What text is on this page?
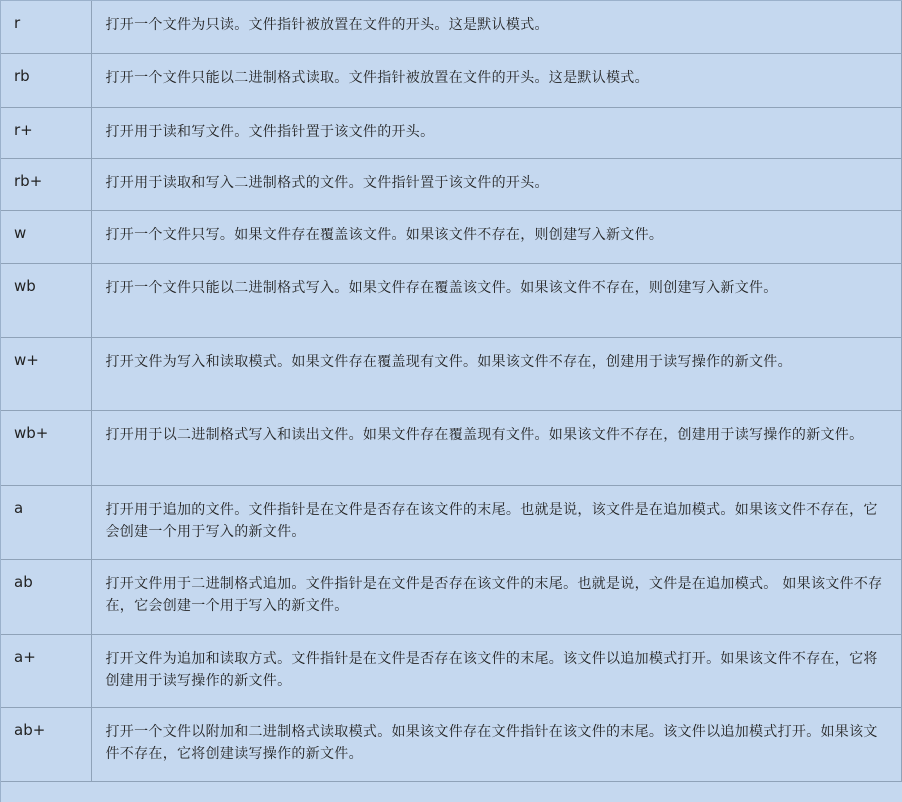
r	打开一个文件为只读。文件指针被放置在文件的开头。这是默认模式。
rb	打开一个文件只能以二进制格式读取。文件指针被放置在文件的开头。这是默认模式。
r+	打开用于读和写文件。文件指针置于该文件的开头。
rb+	打开用于读取和写入二进制格式的文件。文件指针置于该文件的开头。
w	打开一个文件只写。如果文件存在覆盖该文件。如果该文件不存在，则创建写入新文件。
wb	打开一个文件只能以二进制格式写入。如果文件存在覆盖该文件。如果该文件不存在，则创建写入新文件。
w+	打开文件为写入和读取模式。如果文件存在覆盖现有文件。如果该文件不存在，创建用于读写操作的新文件。
wb+	打开用于以二进制格式写入和读出文件。如果文件存在覆盖现有文件。如果该文件不存在，创建用于读写操作的新文件。
a	打开用于追加的文件。文件指针是在文件是否存在该文件的末尾。也就是说，该文件是在追加模式。如果该文件不存在，它会创建一个用于写入的新文件。
ab	打开文件用于二进制格式追加。文件指针是在文件是否存在该文件的末尾。也就是说，文件是在追加模式。 如果该文件不存在，它会创建一个用于写入的新文件。
a+	打开文件为追加和读取方式。文件指针是在文件是否存在该文件的末尾。该文件以追加模式打开。如果该文件不存在，它将创建用于读写操作的新文件。
ab+	打开一个文件以附加和二进制格式读取模式。如果该文件存在文件指针在该文件的末尾。该文件以追加模式打开。如果该文件不存在，它将创建读写操作的新文件。
